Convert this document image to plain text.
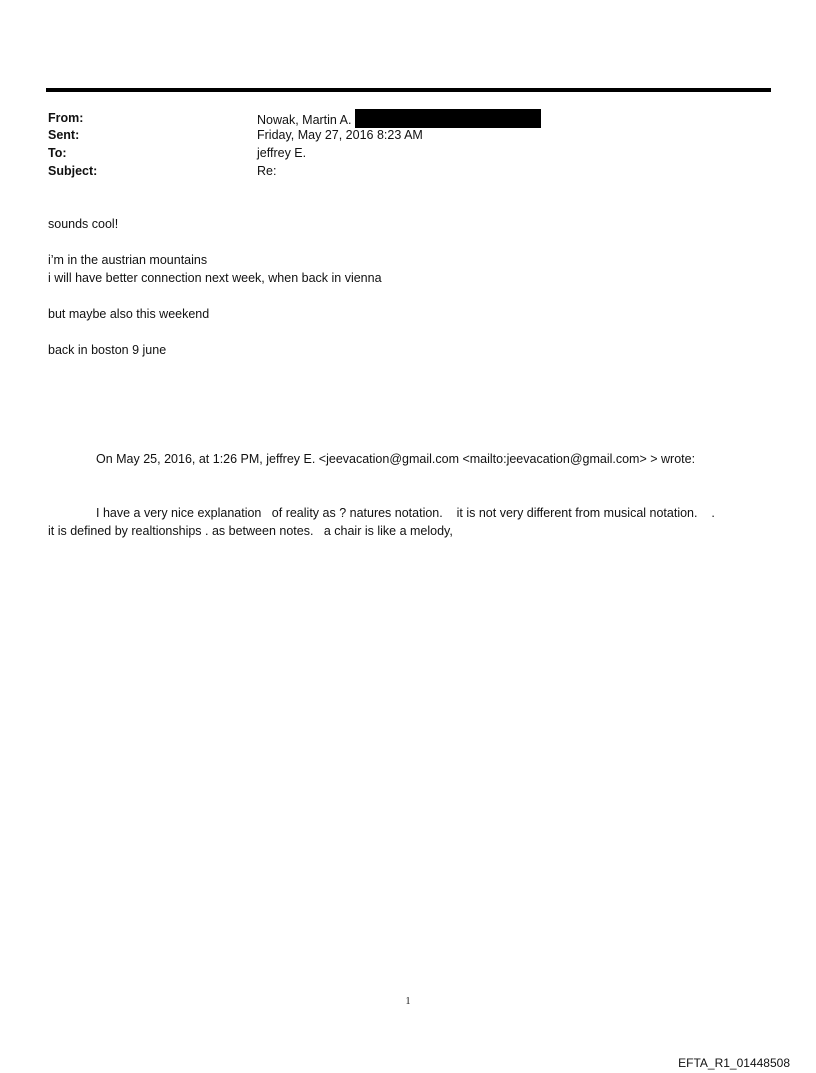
From:	Nowak, Martin A.
Sent:	Friday, May 27, 2016 8:23 AM
To:	jeffrey E.
Subject:	Re:
sounds cool!
i’m in the austrian mountains
i will have better connection next week, when back in vienna
but maybe also this weekend
back in boston 9 june
On May 25, 2016, at 1:26 PM, jeffrey E. <jeevacation@gmail.com <mailto:jeevacation@gmail.com> > wrote:
I have a very nice explanation   of reality as ? natures notation.    it is not very different from musical notation.    .
it is defined by realtionships . as between notes.   a chair is like a melody,
1
EFTA_R1_01448508
